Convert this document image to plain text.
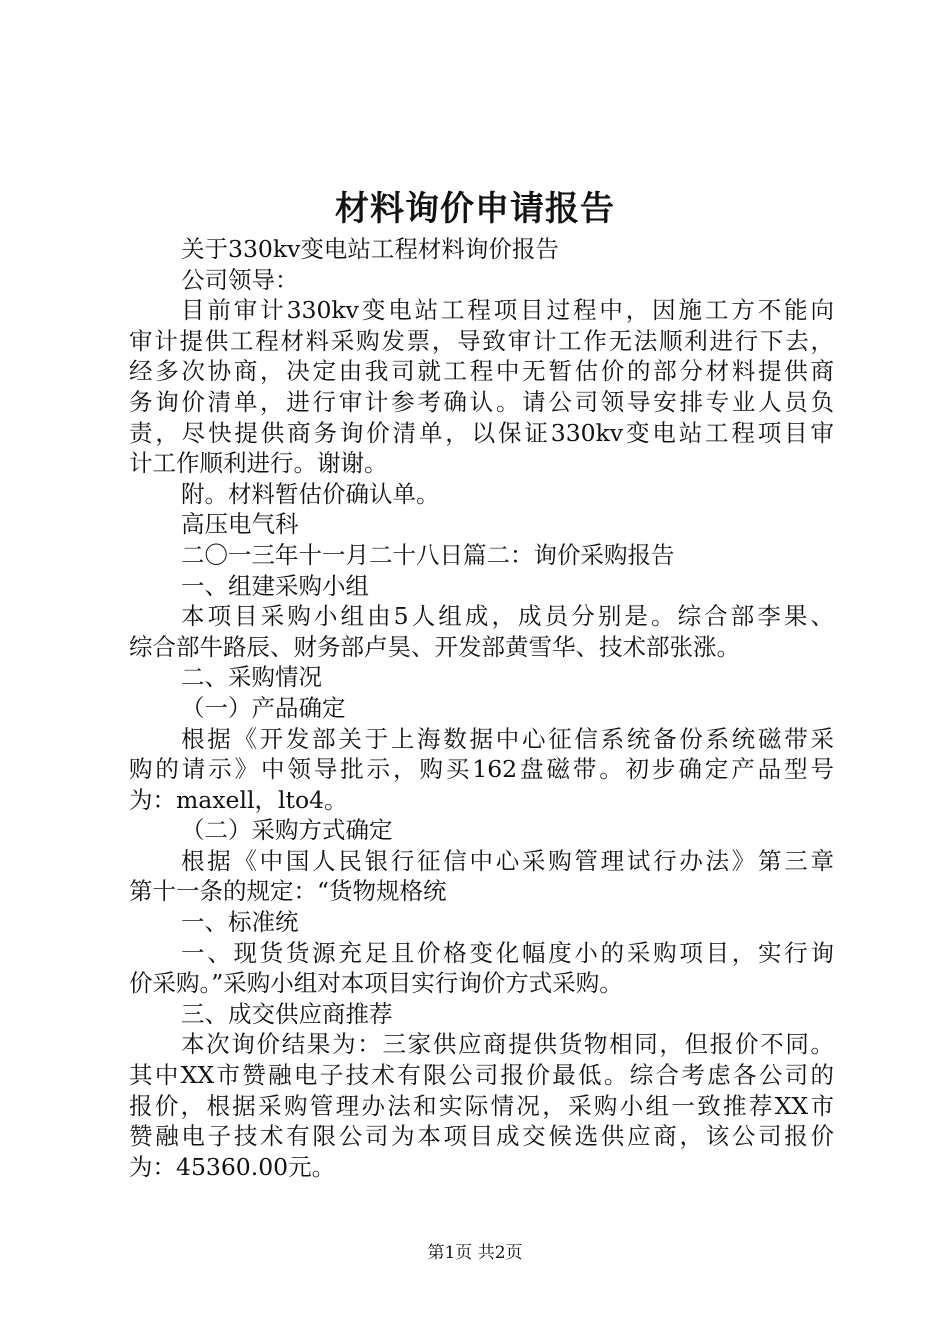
材料询价申请报告
关于330kv变电站工程材料询价报告
公司领导：
目前审计330kv变电站工程项目过程中，因施工方不能向
审计提供工程材料采购发票，导致审计工作无法顺利进行下去，
经多次协商，决定由我司就工程中无暂估价的部分材料提供商
务询价清单，进行审计参考确认。请公司领导安排专业人员负
责，尽快提供商务询价清单，以保证330kv变电站工程项目审
计工作顺利进行。谢谢。
附。材料暂估价确认单。
高压电气科
二〇一三年十一月二十八日篇二：询价采购报告
一、组建采购小组
本项目采购小组由5人组成，成员分别是。综合部李果、
综合部牛路辰、财务部卢昊、开发部黄雪华、技术部张涨。
二、采购情况
（一）产品确定
根据《开发部关于上海数据中心征信系统备份系统磁带采
购的请示》中领导批示，购买162盘磁带。初步确定产品型号
为：maxell，lto4。
（二）采购方式确定
根据《中国人民银行征信中心采购管理试行办法》第三章
第十一条的规定：“货物规格统
一、标准统
一、现货货源充足且价格变化幅度小的采购项目，实行询
价采购。”采购小组对本项目实行询价方式采购。
三、成交供应商推荐
本次询价结果为：三家供应商提供货物相同，但报价不同。
其中XX市赞融电子技术有限公司报价最低。综合考虑各公司的
报价，根据采购管理办法和实际情况，采购小组一致推荐XX市
赞融电子技术有限公司为本项目成交候选供应商，该公司报价
为：45360.00元。
第1页 共2页
